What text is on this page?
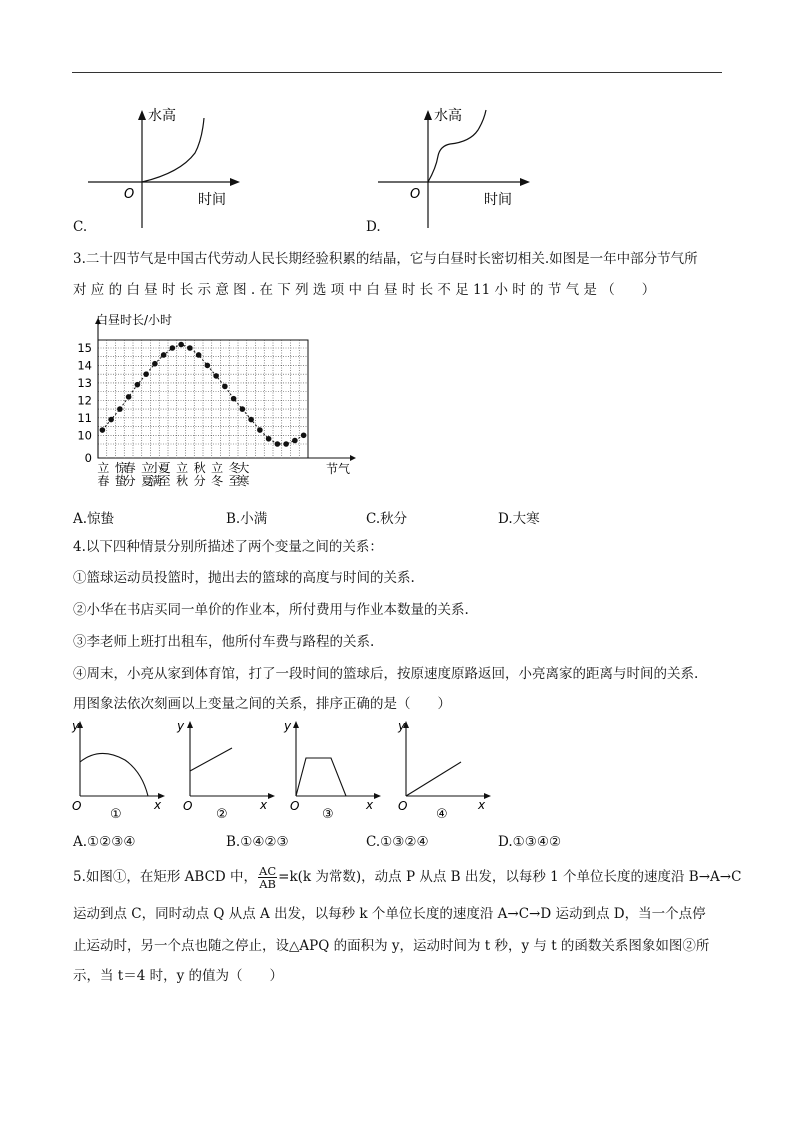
水高
时间
O
C.
水高
时间
O
D.
3.二十四节气是中国古代劳动人民长期经验积累的结晶，它与白昼时长密切相关.如图是一年中部分节气所
对 应 的 白 昼 时 长 示 意 图 . 在 下 列 选 项 中 白 昼 时 长 不 足 11 小 时 的 节 气 是 （　　）
白昼时长/小时
节气
0
10
11
12
13
14
15
立
春
惊
蛰
春
分
立
夏
小
满
夏
至
立
秋
秋
分
立
冬
冬
至
大
寒
A.惊蛰	B.小满	C.秋分	D.大寒
4.以下四种情景分别所描述了两个变量之间的关系：
①篮球运动员投篮时，抛出去的篮球的高度与时间的关系.
②小华在书店买同一单价的作业本，所付费用与作业本数量的关系.
③李老师上班打出租车，他所付车费与路程的关系.
④周末，小亮从家到体育馆，打了一段时间的篮球后，按原速度原路返回，小亮离家的距离与时间的关系.
用图象法依次刻画以上变量之间的关系，排序正确的是（　　）
y
x
O
①
y
x
O
②
y
x
O
③
y
x
O
④
A.①②③④	B.①④②③	C.①③②④	D.①③④②
5.如图①，在矩形 ABCD 中， $\frac{AC}{AB} =k(k$ 为常数)，动点 P 从点 B 出发，以每秒 1 个单位长度的速度沿 B→A→C
运动到点 C，同时动点 Q 从点 A 出发，以每秒 k 个单位长度的速度沿 A→C→D 运动到点 D，当一个点停
止运动时，另一个点也随之停止，设△APQ 的面积为 y，运动时间为 t 秒，y 与 t 的函数关系图象如图②所
示，当 t＝4 时，y 的值为（　　）
